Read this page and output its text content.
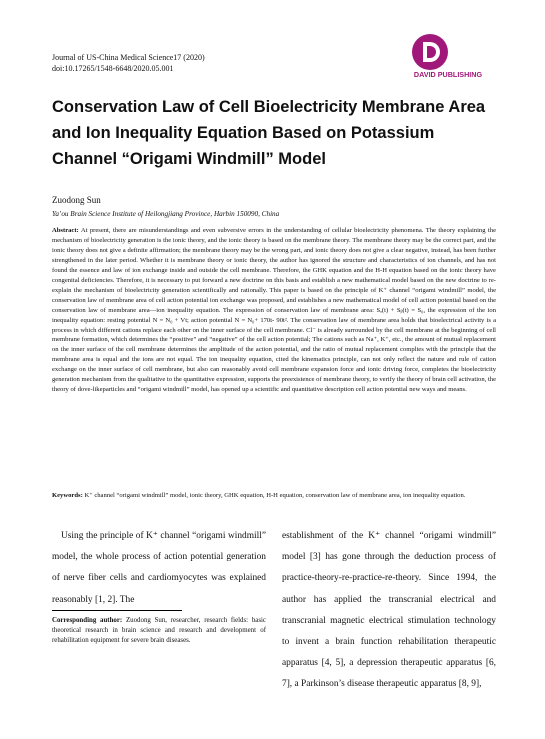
Journal of US-China Medical Science17 (2020)
doi:10.17265/1548-6648/2020.05.001
DAVID PUBLISHING
Conservation Law of Cell Bioelectricity Membrane Area and Ion Inequality Equation Based on Potassium Channel “Origami Windmill” Model
Zuodong Sun
Ya’ou Brain Science Institute of Heilongjiang Province, Harbin 150090, China

Abstract: At present, there are misunderstandings and even subversive errors in the understanding of cellular bioelectricity phenomena. The theory explaining the mechanism of bioelectricity generation is the ionic theory, and the ionic theory is based on the membrane theory. The membrane theory may be the correct part, and the ionic theory does not give a definite affirmation; the membrane theory may be the wrong part, and ionic theory does not give a clear negative, instead, has been further strengthened in the later period. Whether it is membrane theory or ionic theory, the author has ignored the structure and characteristics of ion channels, and has not found the essence and law of ion exchange inside and outside the cell membrane. Therefore, the GHK equation and the H-H equation based on the ionic theory have congenital deficiencies. Therefore, it is necessary to put forward a new doctrine on this basis and establish a new mathematical model based on the new doctrine to re-explain the mechanism of bioelectricity generation scientifically and rationally. This paper is based on the principle of K⁺ channel “origami windmill” model, the conservation law of membrane area of cell action potential ion exchange was proposed, and establishes a new mathematical model of cell action potential based on the conservation law of membrane area—ion inequality equation. The expression of conservation law of membrane area: Sₐ(t) + Sᵦ(t) = S₀, the expression of the ion inequality equation: resting potential N = N₀ + Vt; action potential N = N₀+ 170t- 90t². The conservation law of membrane area holds that bioelectrical activity is a process in which different cations replace each other on the inner surface of the cell membrane. Cl⁻ is already surrounded by the cell membrane at the beginning of cell membrane formation, which determines the “positive” and “negative” of the cell action potential; The cations such as Na⁺, K⁺, etc., the amount of mutual replacement on the inner surface of the cell membrane determines the amplitude of the action potential, and the ratio of mutual replacement complies with the principle that the membrane area is equal and the ions are not equal. The ion inequality equation, cited the kinematics principle, can not only reflect the nature and rule of cation exchange on the inner surface of cell membrane, but also can reasonably avoid cell membrane expansion force and ionic driving force, completes the bioelectricity generation mechanism from the qualitative to the quantitative expression, supports the preexistence of membrane theory, to verify the theory of brain cell activation, the theory of dove-likeparticles and “origami windmill” model, has opened up a scientific and quantitative description cell action potential new ways and means.

Keywords: K⁺ channel “origami windmill” model, ionic theory, GHK equation, H-H equation, conservation law of membrane area, ion inequality equation.

Using the principle of K⁺ channel “origami windmill” model, the whole process of action potential generation of nerve fiber cells and cardiomyocytes was explained reasonably [1, 2]. The

establishment of the K⁺ channel “origami windmill” model [3] has gone through the deduction process of practice-theory-re-practice-re-theory. Since 1994, the author has applied the transcranial electrical and transcranial magnetic electrical stimulation technology to invent a brain function rehabilitation therapeutic apparatus [4, 5], a depression therapeutic apparatus [6, 7], a Parkinson’s disease therapeutic apparatus [8, 9],

Corresponding author: Zuodong Sun, researcher, research fields: basic theoretical research in brain science and research and development of rehabilitation equipment for severe brain diseases.
